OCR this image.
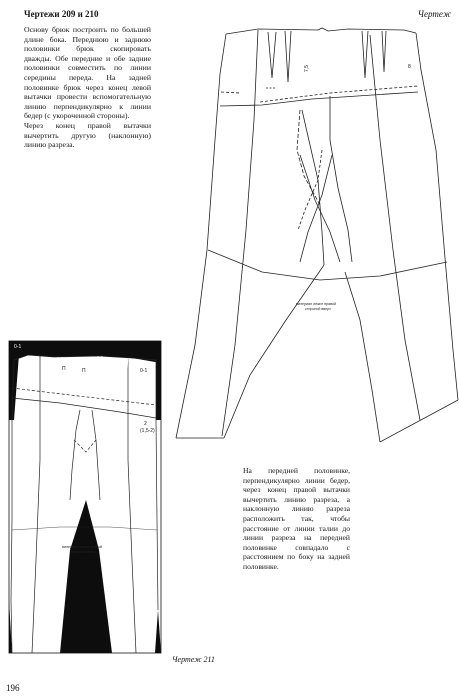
Чертежи 209 и 210	Чертеж

Основу брюк построить по большей длине бока. Переднюю и заднюю половинки брюк скопировать дважды. Обе передние и обе задние половинки совместить по линии середины переда. На задней половинке брюк через конец левой вытачки провести вспомогательную линию перпендикулярно к линии бедер (с укороченной стороны).

Через конец правой вытачки вычертить другую (наклонную) линию разреза.

На передней половинке, перпендикулярно линии бедер, через конец правой вытачки вычертить линию разреза, а наклонную линию разреза расположить так, чтобы расстояние от линии талии до линии разреза на передней половинке совпадало с расстоянием по боку на задней половинке.
7,5	8
материал лежит правой
стороной вверх
0-1
0-1
П	П
2
(1,5-2)
материал лежит правой
стороной вверх
Чертеж 211
196
